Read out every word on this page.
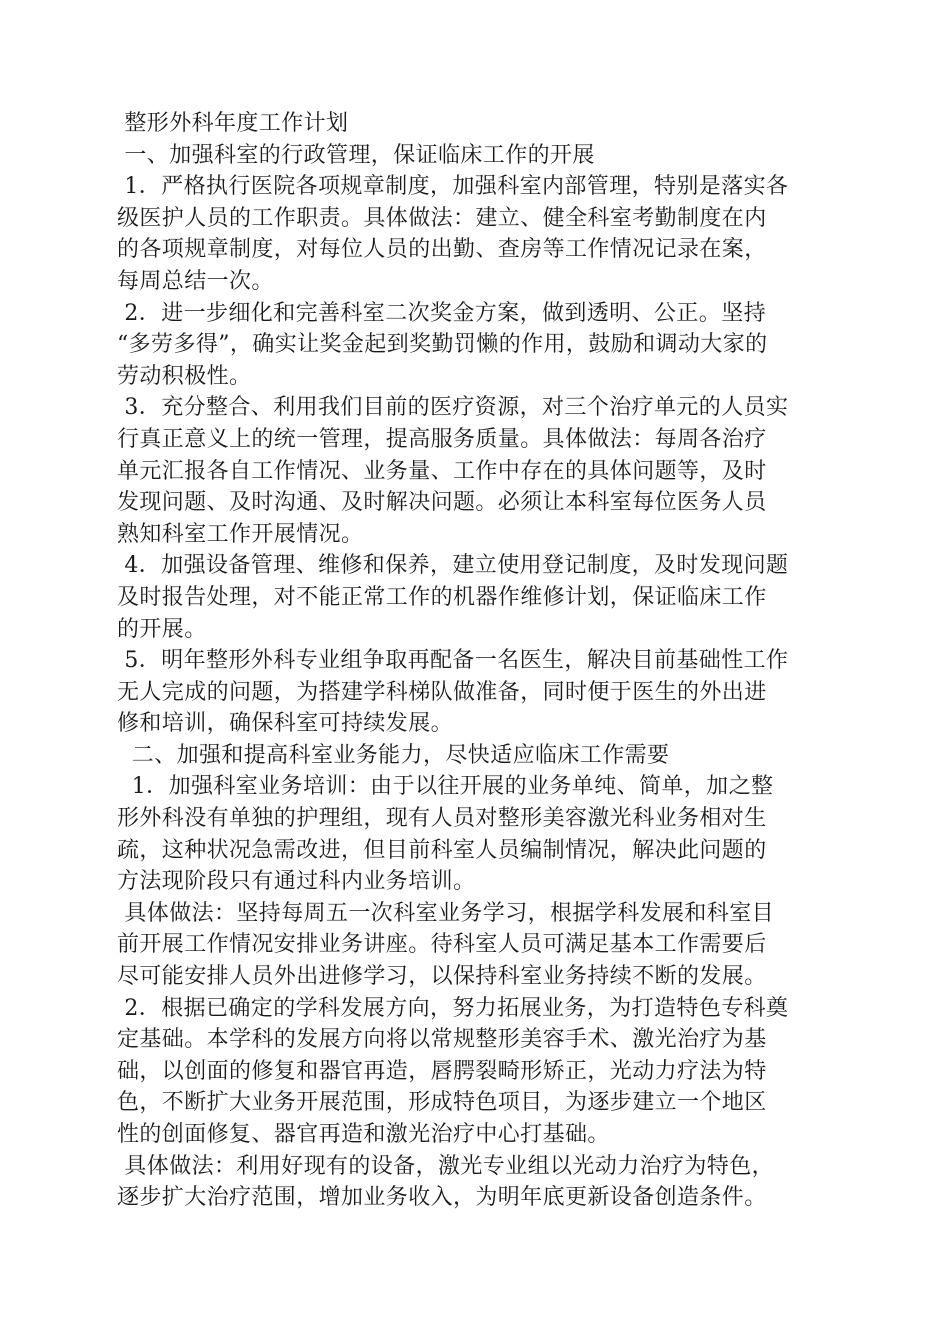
整形外科年度工作计划
一、加强科室的行政管理，保证临床工作的开展
1．严格执行医院各项规章制度，加强科室内部管理，特别是落实各
级医护人员的工作职责。具体做法：建立、健全科室考勤制度在内
的各项规章制度，对每位人员的出勤、查房等工作情况记录在案，
每周总结一次。
2．进一步细化和完善科室二次奖金方案，做到透明、公正。坚持
“多劳多得”，确实让奖金起到奖勤罚懒的作用，鼓励和调动大家的
劳动积极性。
3．充分整合、利用我们目前的医疗资源，对三个治疗单元的人员实
行真正意义上的统一管理，提高服务质量。具体做法：每周各治疗
单元汇报各自工作情况、业务量、工作中存在的具体问题等，及时
发现问题、及时沟通、及时解决问题。必须让本科室每位医务人员
熟知科室工作开展情况。
4．加强设备管理、维修和保养，建立使用登记制度，及时发现问题
及时报告处理，对不能正常工作的机器作维修计划，保证临床工作
的开展。
5．明年整形外科专业组争取再配备一名医生，解决目前基础性工作
无人完成的问题，为搭建学科梯队做准备，同时便于医生的外出进
修和培训，确保科室可持续发展。
二、加强和提高科室业务能力，尽快适应临床工作需要
1．加强科室业务培训：由于以往开展的业务单纯、简单，加之整
形外科没有单独的护理组，现有人员对整形美容激光科业务相对生
疏，这种状况急需改进，但目前科室人员编制情况，解决此问题的
方法现阶段只有通过科内业务培训。
具体做法：坚持每周五一次科室业务学习，根据学科发展和科室目
前开展工作情况安排业务讲座。待科室人员可满足基本工作需要后
尽可能安排人员外出进修学习，以保持科室业务持续不断的发展。
2．根据已确定的学科发展方向，努力拓展业务，为打造特色专科奠
定基础。本学科的发展方向将以常规整形美容手术、激光治疗为基
础，以创面的修复和器官再造，唇腭裂畸形矫正，光动力疗法为特
色，不断扩大业务开展范围，形成特色项目，为逐步建立一个地区
性的创面修复、器官再造和激光治疗中心打基础。
具体做法：利用好现有的设备，激光专业组以光动力治疗为特色，
逐步扩大治疗范围，增加业务收入，为明年底更新设备创造条件。
